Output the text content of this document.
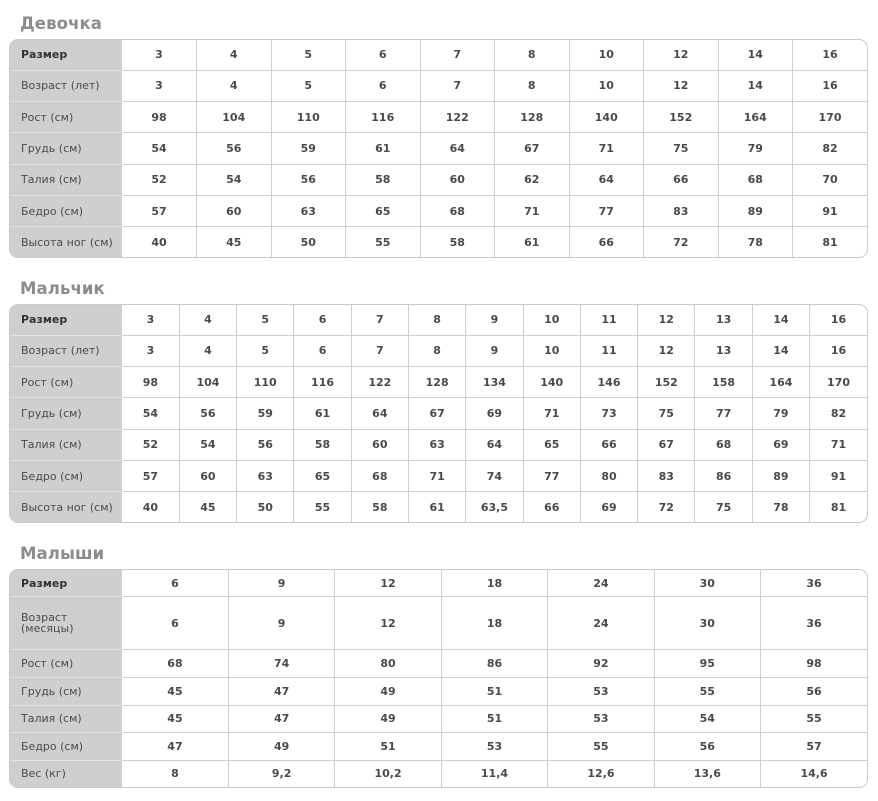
Девочка
Размер	3	4	5	6	7	8	10	12	14	16
Возраст (лет)	3	4	5	6	7	8	10	12	14	16
Рост (см)	98	104	110	116	122	128	140	152	164	170
Грудь (см)	54	56	59	61	64	67	71	75	79	82
Талия (см)	52	54	56	58	60	62	64	66	68	70
Бедро (см)	57	60	63	65	68	71	77	83	89	91
Высота ног (см)	40	45	50	55	58	61	66	72	78	81
Мальчик
Размер	3	4	5	6	7	8	9	10	11	12	13	14	16
Возраст (лет)	3	4	5	6	7	8	9	10	11	12	13	14	16
Рост (см)	98	104	110	116	122	128	134	140	146	152	158	164	170
Грудь (см)	54	56	59	61	64	67	69	71	73	75	77	79	82
Талия (см)	52	54	56	58	60	63	64	65	66	67	68	69	71
Бедро (см)	57	60	63	65	68	71	74	77	80	83	86	89	91
Высота ног (см)	40	45	50	55	58	61	63,5	66	69	72	75	78	81
Малыши
Размер	6	9	12	18	24	30	36
Возраст (месяцы)	6	9	12	18	24	30	36
Рост (см)	68	74	80	86	92	95	98
Грудь (см)	45	47	49	51	53	55	56
Талия (см)	45	47	49	51	53	54	55
Бедро (см)	47	49	51	53	55	56	57
Вес (кг)	8	9,2	10,2	11,4	12,6	13,6	14,6
